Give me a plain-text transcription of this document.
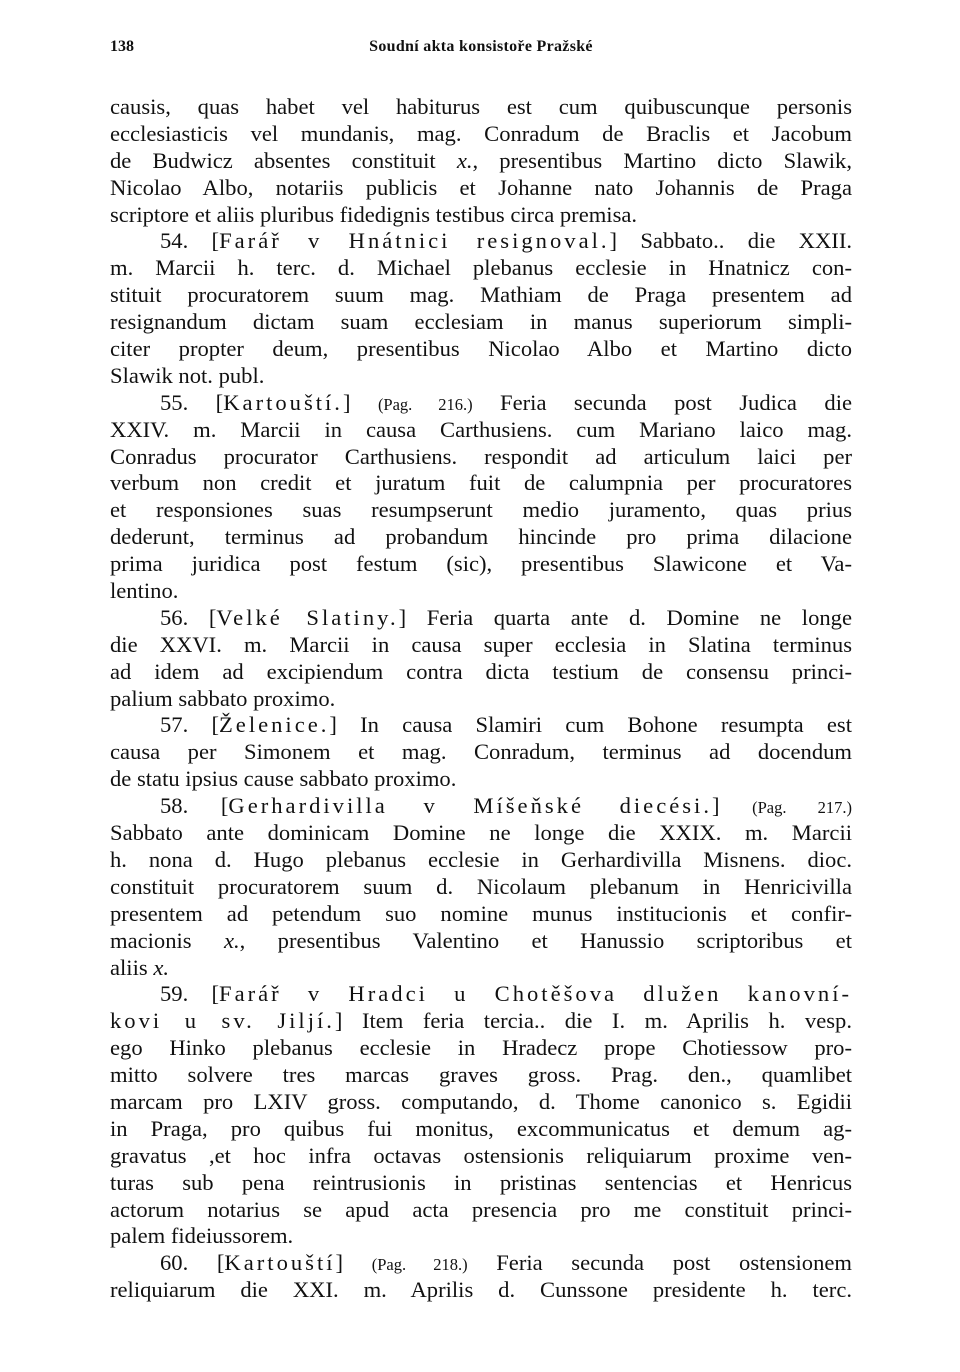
138	Soudní akta konsistoře Pražské
causis, quas habet vel habiturus est cum quibuscunque personis
ecclesiasticis vel mundanis, mag. Conradum de Braclis et Jacobum
de Budwicz absentes constituit x., presentibus Martino dicto Slawik,
Nicolao Albo, notariis publicis et Johanne nato Johannis de Praga
scriptore et aliis pluribus fidedignis testibus circa premisa.
54. [Farář v Hnátnici resignoval.] Sabbato.. die XXII.
m. Marcii h. terc. d. Michael plebanus ecclesie in Hnatnicz con-
stituit procuratorem suum mag. Mathiam de Praga presentem ad
resignandum dictam suam ecclesiam in manus superiorum simpli-
citer propter deum, presentibus Nicolao Albo et Martino dicto
Slawik not. publ.
55. [Kartouští.] (Pag. 216.) Feria secunda post Judica die
XXIV. m. Marcii in causa Carthusiens. cum Mariano laico mag.
Conradus procurator Carthusiens. respondit ad articulum laici per
verbum non credit et juratum fuit de calumpnia per procuratores
et responsiones suas resumpserunt medio juramento, quas prius
dederunt, terminus ad probandum hincinde pro prima dilacione
prima juridica post festum (sic), presentibus Slawicone et Va-
lentino.
56. [Velké Slatiny.] Feria quarta ante d. Domine ne longe
die XXVI. m. Marcii in causa super ecclesia in Slatina terminus
ad idem ad excipiendum contra dicta testium de consensu princi-
palium sabbato proximo.
57. [Želenice.] In causa Slamiri cum Bohone resumpta est
causa per Simonem et mag. Conradum, terminus ad docendum
de statu ipsius cause sabbato proximo.
58. [Gerhardivilla v Míšeňské diecési.] (Pag. 217.)
Sabbato ante dominicam Domine ne longe die XXIX. m. Marcii
h. nona d. Hugo plebanus ecclesie in Gerhardivilla Misnens. dioc.
constituit procuratorem suum d. Nicolaum plebanum in Henricivilla
presentem ad petendum suo nomine munus institucionis et confir-
macionis x., presentibus Valentino et Hanussio scriptoribus et
aliis x.
59. [Farář v Hradci u Chotěšova dlužen kanovní-
kovi u sv. Jiljí.] Item feria tercia.. die I. m. Aprilis h. vesp.
ego Hinko plebanus ecclesie in Hradecz prope Chotiessow pro-
mitto solvere tres marcas graves gross. Prag. den., quamlibet
marcam pro LXIV gross. computando, d. Thome canonico s. Egidii
in Praga, pro quibus fui monitus, excommunicatus et demum ag-
gravatus ,et hoc infra octavas ostensionis reliquiarum proxime ven-
turas sub pena reintrusionis in pristinas sentencias et Henricus
actorum notarius se apud acta presencia pro me constituit princi-
palem fideiussorem.
60. [Kartouští] (Pag. 218.) Feria secunda post ostensionem
reliquiarum die XXI. m. Aprilis d. Cunssone presidente h. terc.
